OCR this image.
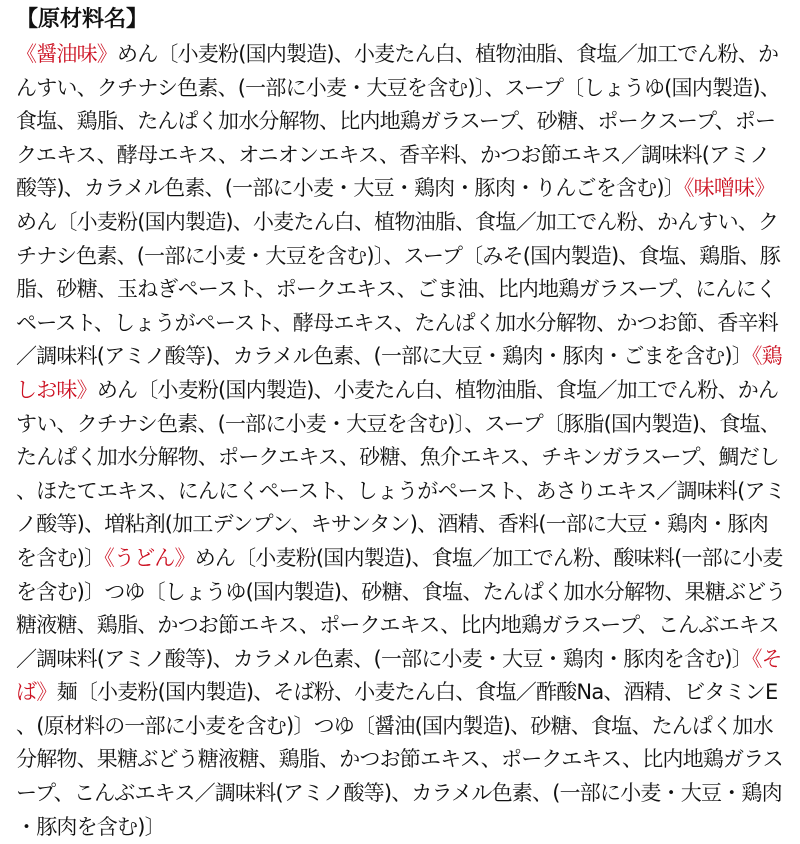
【原材料名】

《醤油味》めん〔小麦粉(国内製造)、小麦たん白、植物油脂、食塩／加工でん粉、かんすい、クチナシ色素、(一部に小麦・大豆を含む)〕、スープ〔しょうゆ(国内製造)、食塩、鶏脂、たんぱく加水分解物、比内地鶏ガラスープ、砂糖、ポークスープ、ポークエキス、酵母エキス、オニオンエキス、香辛料、かつお節エキス／調味料(アミノ酸等)、カラメル色素、(一部に小麦・大豆・鶏肉・豚肉・りんごを含む)〕《味噌味》めん〔小麦粉(国内製造)、小麦たん白、植物油脂、食塩／加工でん粉、かんすい、クチナシ色素、(一部に小麦・大豆を含む)〕、スープ〔みそ(国内製造)、食塩、鶏脂、豚脂、砂糖、玉ねぎペースト、ポークエキス、ごま油、比内地鶏ガラスープ、にんにくペースト、しょうがペースト、酵母エキス、たんぱく加水分解物、かつお節、香辛料／調味料(アミノ酸等)、カラメル色素、(一部に大豆・鶏肉・豚肉・ごまを含む)〕《鶏しお味》めん〔小麦粉(国内製造)、小麦たん白、植物油脂、食塩／加工でん粉、かんすい、クチナシ色素、(一部に小麦・大豆を含む)〕、スープ〔豚脂(国内製造)、食塩、たんぱく加水分解物、ポークエキス、砂糖、魚介エキス、チキンガラスープ、鯛だし、ほたてエキス、にんにくペースト、しょうがペースト、あさりエキス／調味料(アミノ酸等)、増粘剤(加工デンプン、キサンタン)、酒精、香料(一部に大豆・鶏肉・豚肉を含む)〕《うどん》めん〔小麦粉(国内製造)、食塩／加工でん粉、酸味料(一部に小麦を含む)〕つゆ〔しょうゆ(国内製造)、砂糖、食塩、たんぱく加水分解物、果糖ぶどう糖液糖、鶏脂、かつお節エキス、ポークエキス、比内地鶏ガラスープ、こんぶエキス／調味料(アミノ酸等)、カラメル色素、(一部に小麦・大豆・鶏肉・豚肉を含む)〕《そば》麺〔小麦粉(国内製造)、そば粉、小麦たん白、食塩／酢酸Na、酒精、ビタミンE、(原材料の一部に小麦を含む)〕つゆ〔醤油(国内製造)、砂糖、食塩、たんぱく加水分解物、果糖ぶどう糖液糖、鶏脂、かつお節エキス、ポークエキス、比内地鶏ガラスープ、こんぶエキス／調味料(アミノ酸等)、カラメル色素、(一部に小麦・大豆・鶏肉・豚肉を含む)〕
